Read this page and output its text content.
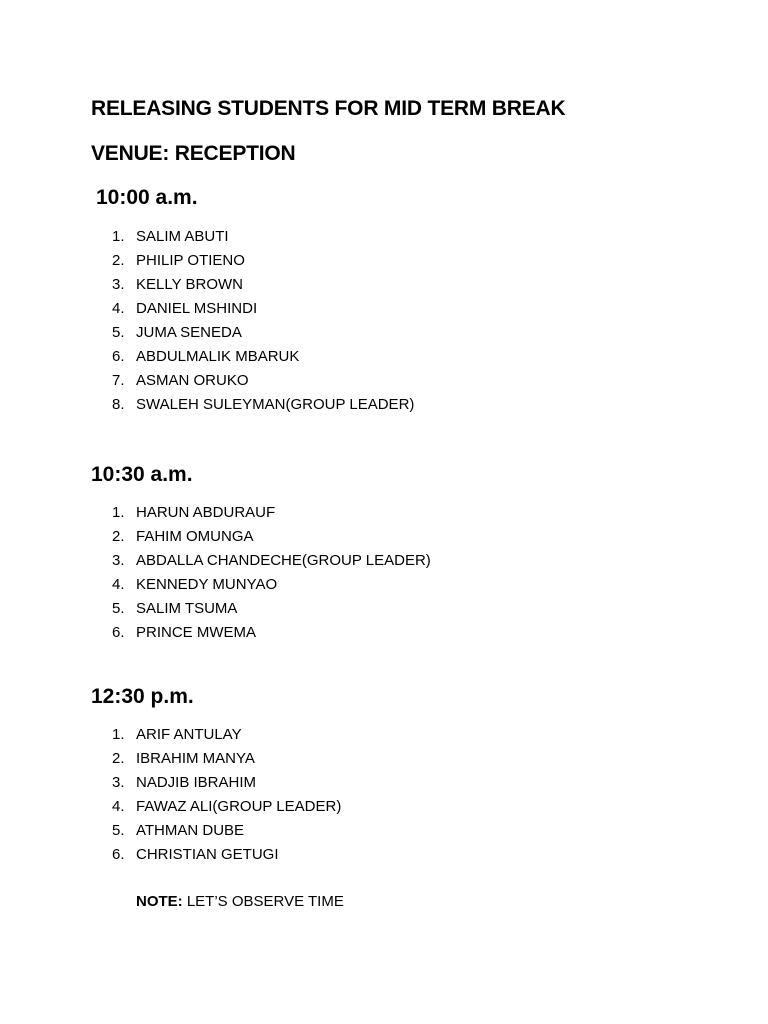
RELEASING STUDENTS FOR MID TERM BREAK
VENUE: RECEPTION
10:00 a.m.
1. SALIM ABUTI
2. PHILIP OTIENO
3. KELLY BROWN
4. DANIEL MSHINDI
5. JUMA SENEDA
6. ABDULMALIK MBARUK
7. ASMAN ORUKO
8. SWALEH SULEYMAN(GROUP LEADER)
10:30 a.m.
1. HARUN ABDURAUF
2. FAHIM OMUNGA
3. ABDALLA CHANDECHE(GROUP LEADER)
4. KENNEDY MUNYAO
5. SALIM TSUMA
6. PRINCE MWEMA
12:30 p.m.
1. ARIF ANTULAY
2. IBRAHIM MANYA
3. NADJIB IBRAHIM
4. FAWAZ ALI(GROUP LEADER)
5. ATHMAN DUBE
6. CHRISTIAN GETUGI
NOTE: LET’S OBSERVE TIME
